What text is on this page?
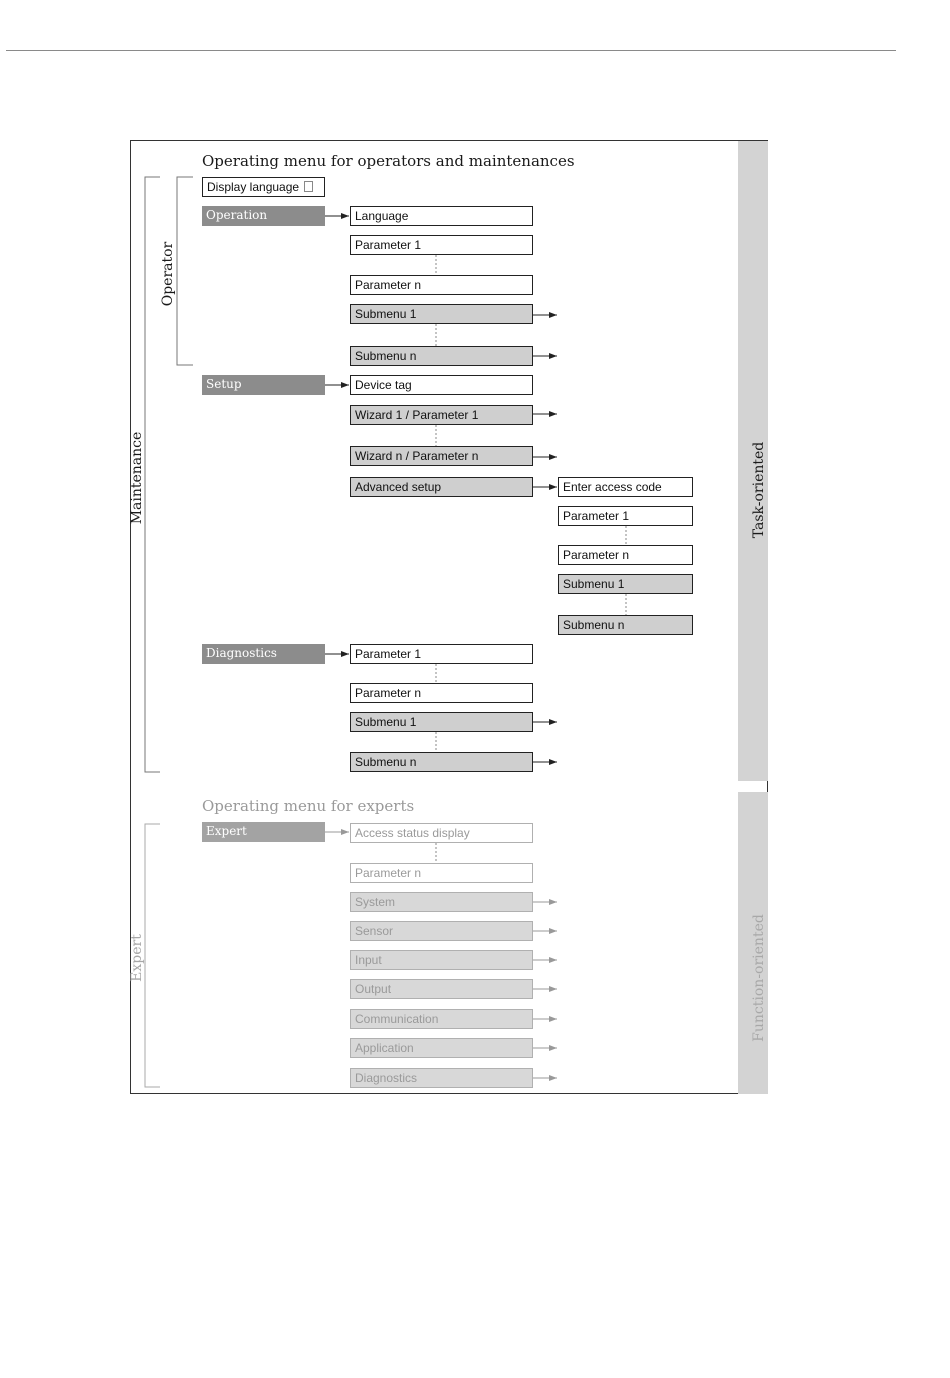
Task-oriented
Function-oriented
Maintenance
Operator
Expert
Operating menu for operators and maintenances
Operating menu for experts
Display language
Operation	Language
Parameter 1
Parameter n
Submenu 1
Submenu n
Setup	Device tag
Wizard 1 / Parameter 1
Wizard n / Parameter n
Advanced setup	Enter access code
Parameter 1
Parameter n
Submenu 1
Submenu n
Diagnostics	Parameter 1
Parameter n
Submenu 1
Submenu n
Expert	Access status display
Parameter n
System
Sensor
Input
Output
Communication
Application
Diagnostics
